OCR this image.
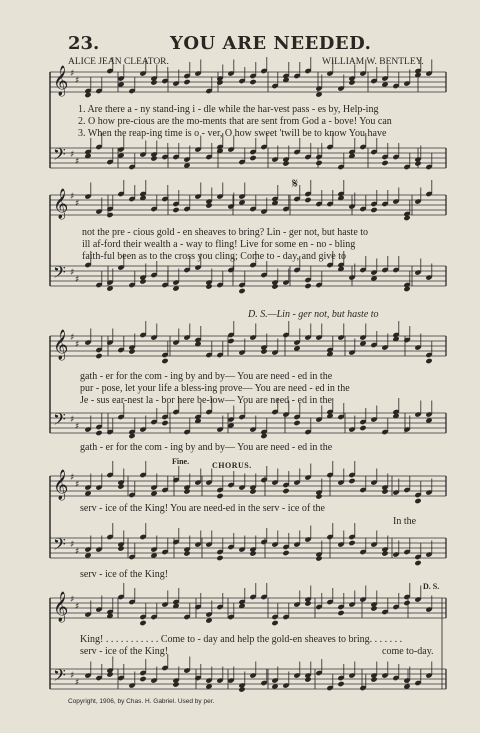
23.	YOU ARE NEEDED.
ALICE JEAN CLEATOR.	WILLIAM W. BENTLEY.
𝄞
𝄢
♯
♯
♯
♯
𝄞
𝄢
♯
♯
♯
♯
𝄞
𝄢
♯
♯
♯
♯
𝄞
𝄢
♯
♯
♯
♯
𝄞
𝄢
♯
♯
♯
♯
1. Are there a - ny stand-ing i - dle while the har-vest pass - es by, Help-ing
2. O how pre-cious are the mo-ments that are sent from God a - bove! You can
3. When the reap-ing time is o - ver, O how sweet 'twill be to know You have
𝄋
not the pre - cious gold - en sheaves to bring? Lin - ger not, but haste to
ill af-ford their wealth a - way to fling! Live for some en - no - bling
faith-ful been as to the cross you cling; Come to - day, and give to
D. S.—Lin - ger not, but haste to
gath - er for the com - ing by and by— You are need - ed in the
pur - pose, let your life a bless-ing prove— You are need - ed in the
Je - sus ear-nest la - bor here be-low— You are need - ed in the
gath - er for the com - ing by and by— You are need - ed in the
Fine.	CHORUS.
serv - ice of the King! You are need-ed in the serv - ice of the
In the
serv - ice of the King!
D. S.
King! . . . . . . . . . . . Come to - day and help the gold-en sheaves to bring. . . . . . .
serv - ice of the King!	come to-day.
Copyright, 1906, by Chas. H. Gabriel. Used by per.
